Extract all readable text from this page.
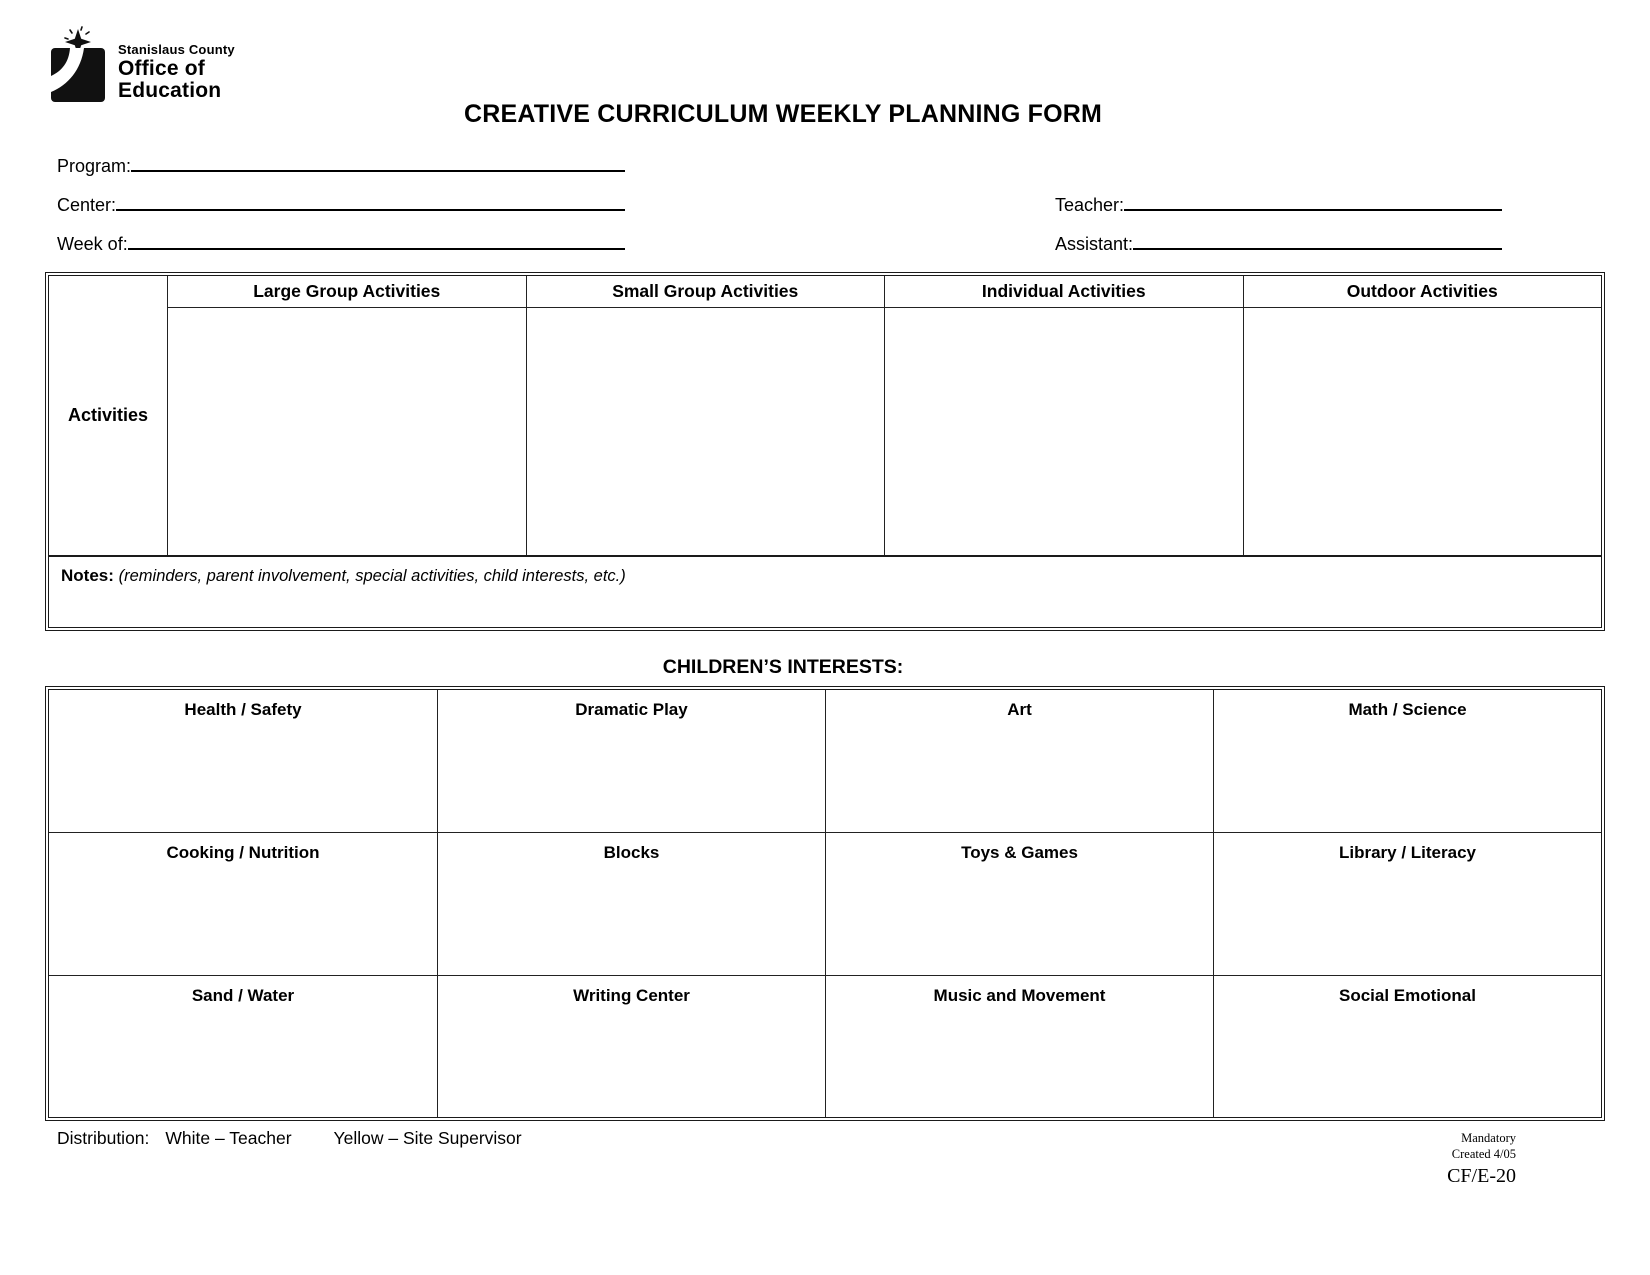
Stanislaus County
Office of
Education
CREATIVE CURRICULUM WEEKLY PLANNING FORM
Program:
Center:
Week of:
Teacher:
Assistant:
Activities
Large Group Activities	Small Group Activities	Individual Activities	Outdoor Activities
Notes: (reminders, parent involvement, special activities, child interests, etc.)
CHILDREN’S INTERESTS:
Health / Safety	Dramatic Play	Art	Math / Science
Cooking / Nutrition	Blocks	Toys & Games	Library / Literacy
Sand / Water	Writing Center	Music and Movement	Social Emotional
Distribution: White – Teacher Yellow – Site Supervisor	Mandatory
Created 4/05
CF/E-20
